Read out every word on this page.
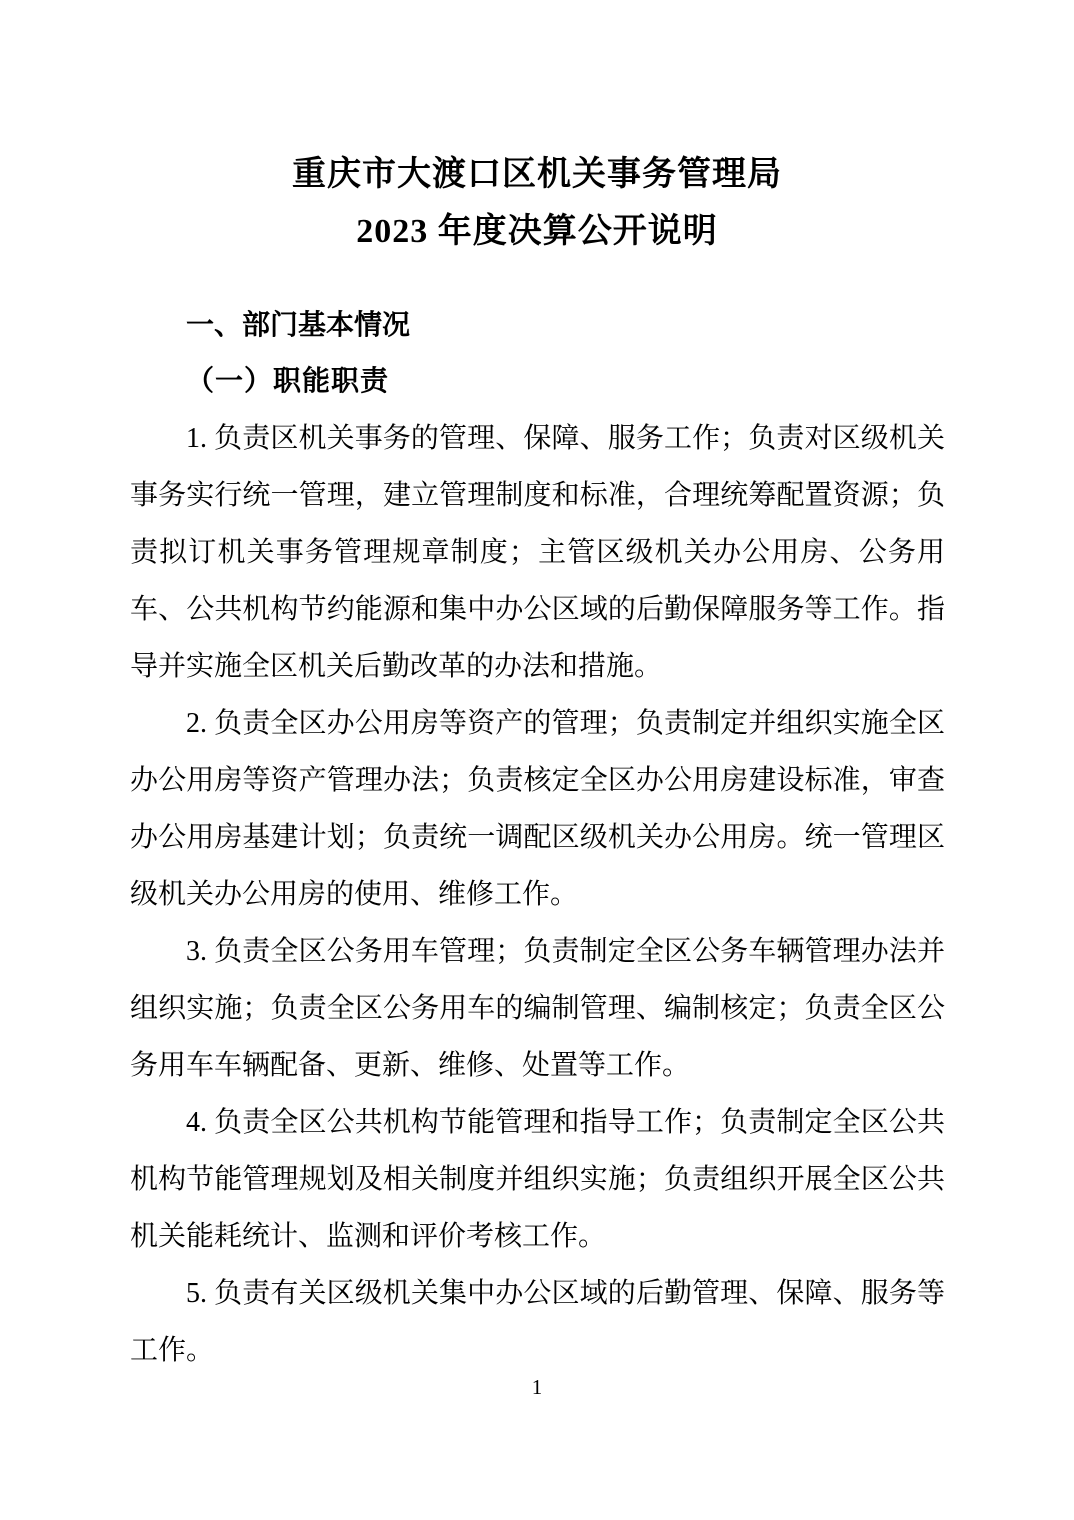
重庆市大渡口区机关事务管理局
2023 年度决算公开说明
一、部门基本情况
（一）职能职责

1. 负责区机关事务的管理、保障、服务工作；负责对区级机关事务实行统一管理，建立管理制度和标准，合理统筹配置资源；负责拟订机关事务管理规章制度；主管区级机关办公用房、公务用车、公共机构节约能源和集中办公区域的后勤保障服务等工作。指导并实施全区机关后勤改革的办法和措施。

2. 负责全区办公用房等资产的管理；负责制定并组织实施全区办公用房等资产管理办法；负责核定全区办公用房建设标准，审查办公用房基建计划；负责统一调配区级机关办公用房。统一管理区级机关办公用房的使用、维修工作。

3. 负责全区公务用车管理；负责制定全区公务车辆管理办法并组织实施；负责全区公务用车的编制管理、编制核定；负责全区公务用车车辆配备、更新、维修、处置等工作。

4. 负责全区公共机构节能管理和指导工作；负责制定全区公共机构节能管理规划及相关制度并组织实施；负责组织开展全区公共机关能耗统计、监测和评价考核工作。

5. 负责有关区级机关集中办公区域的后勤管理、保障、服务等工作。

1
